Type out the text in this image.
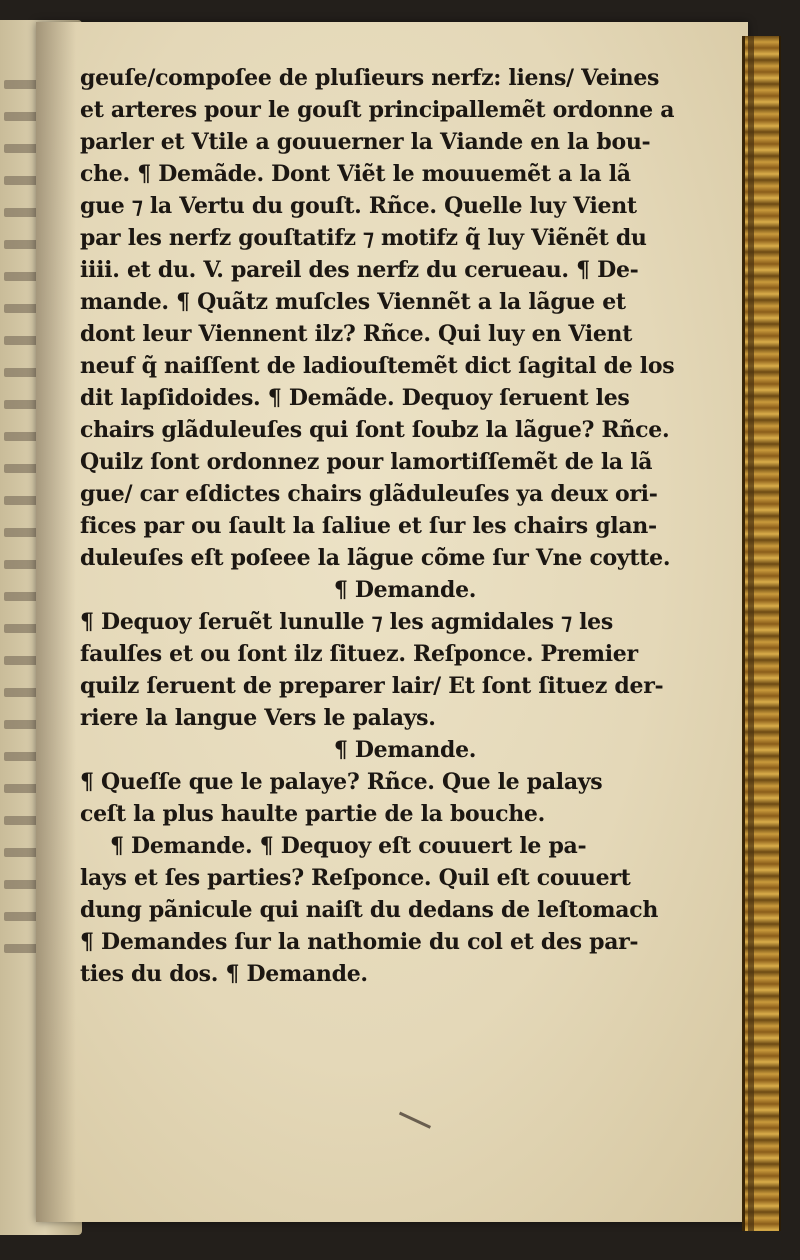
geuſe/compoſee de pluſieurs nerfz: liens/ Veines
et arteres pour le gouſt principallemẽt ordonne a
parler et Vtile a gouuerner la Viande en la bou-
che. ¶ Demãde. Dont Viẽt le mouuemẽt a la lã
gue ⁊ la Vertu du gouſt. Rñce. Quelle luy Vient
par les nerfz gouſtatifz ⁊ motifz q̃ luy Viẽnẽt du
iiii. et du. V. pareil des nerfz du cerueau. ¶ De-
mande. ¶ Quãtz muſcles Viennẽt a la lãgue et
dont leur Viennent ilz? Rñce. Qui luy en Vient
neuf q̃ naiſſent de ladiouſtemẽt dict ſagital de los
dit lapſidoides. ¶ Demãde. Dequoy ſeruent les
chairs glãduleuſes qui ſont ſoubz la lãgue? Rñce.
Quilz ſont ordonnez pour lamortiſſemẽt de la lã
gue/ car eſdictes chairs glãduleuſes ya deux ori-
fices par ou ſault la ſaliue et ſur les chairs glan-
duleuſes eſt poſeee la lãgue cõme ſur Vne coytte.
¶ Demande.
¶ Dequoy ſeruẽt lunulle ⁊ les agmidales ⁊ les
faulſes et ou ſont ilz ſituez. Reſponce. Premier
quilz ſeruent de preparer lair/ Et ſont ſituez der-
riere la langue Vers le palays.
¶ Demande.
¶ Queſſe que le palaye? Rñce. Que le palays
ceſt la plus haulte partie de la bouche.
¶ Demande. ¶ Dequoy eſt couuert le pa-
lays et ſes parties? Reſponce. Quil eſt couuert
dung pãnicule qui naiſt du dedans de leſtomach
¶ Demandes ſur la nathomie du col et des par-
ties du dos. ¶ Demande.
